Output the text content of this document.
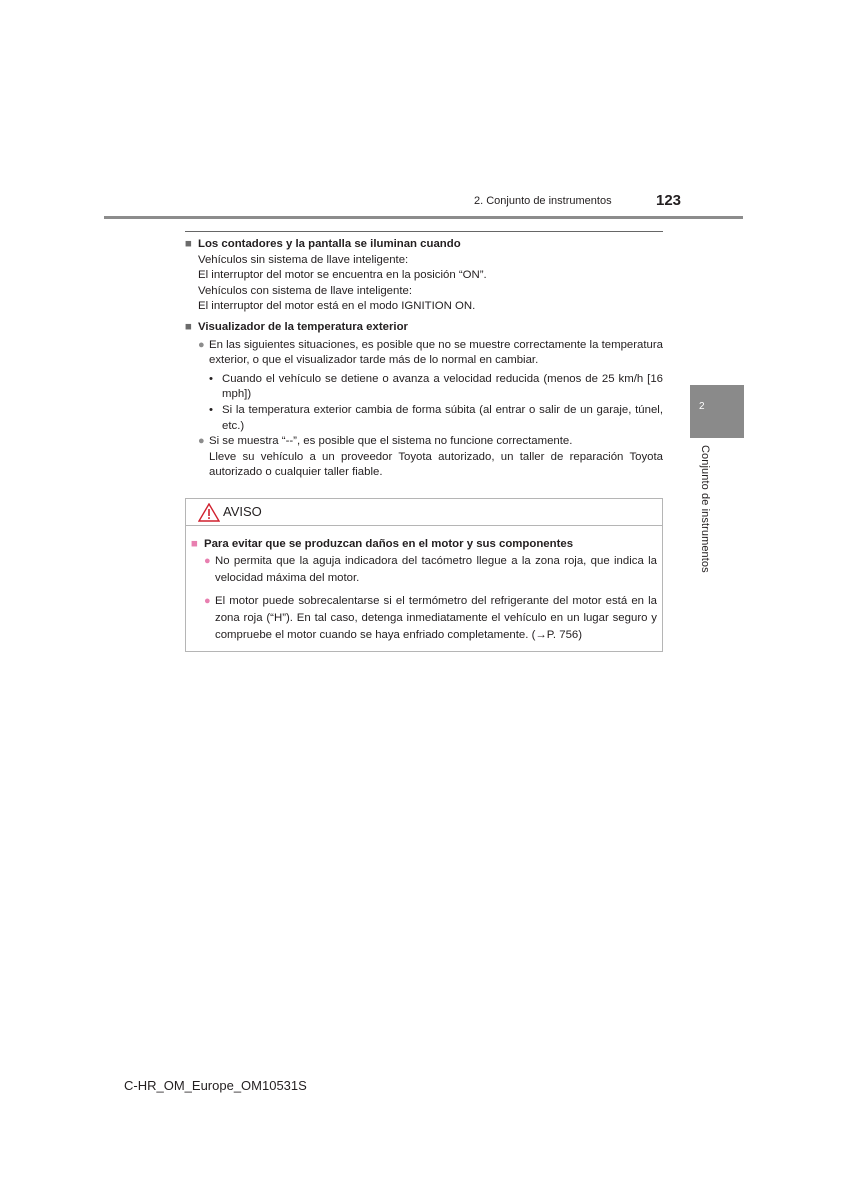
2. Conjunto de instrumentos	123
2
Conjunto de instrumentos
■ Los contadores y la pantalla se iluminan cuando
Vehículos sin sistema de llave inteligente:
El interruptor del motor se encuentra en la posición “ON”.
Vehículos con sistema de llave inteligente:
El interruptor del motor está en el modo IGNITION ON.
■ Visualizador de la temperatura exterior
● En las siguientes situaciones, es posible que no se muestre correctamente la temperatura exterior, o que el visualizador tarde más de lo normal en cambiar.
• Cuando el vehículo se detiene o avanza a velocidad reducida (menos de 25 km/h [16 mph])
• Si la temperatura exterior cambia de forma súbita (al entrar o salir de un garaje, túnel, etc.)
● Si se muestra “--”, es posible que el sistema no funcione correctamente.
Lleve su vehículo a un proveedor Toyota autorizado, un taller de reparación Toyota autorizado o cualquier taller fiable.
AVISO
■ Para evitar que se produzcan daños en el motor y sus componentes
● No permita que la aguja indicadora del tacómetro llegue a la zona roja, que indica la velocidad máxima del motor.
● El motor puede sobrecalentarse si el termómetro del refrigerante del motor está en la zona roja (“H”). En tal caso, detenga inmediatamente el vehículo en un lugar seguro y compruebe el motor cuando se haya enfriado completamente. (→P. 756)
C-HR_OM_Europe_OM10531S
